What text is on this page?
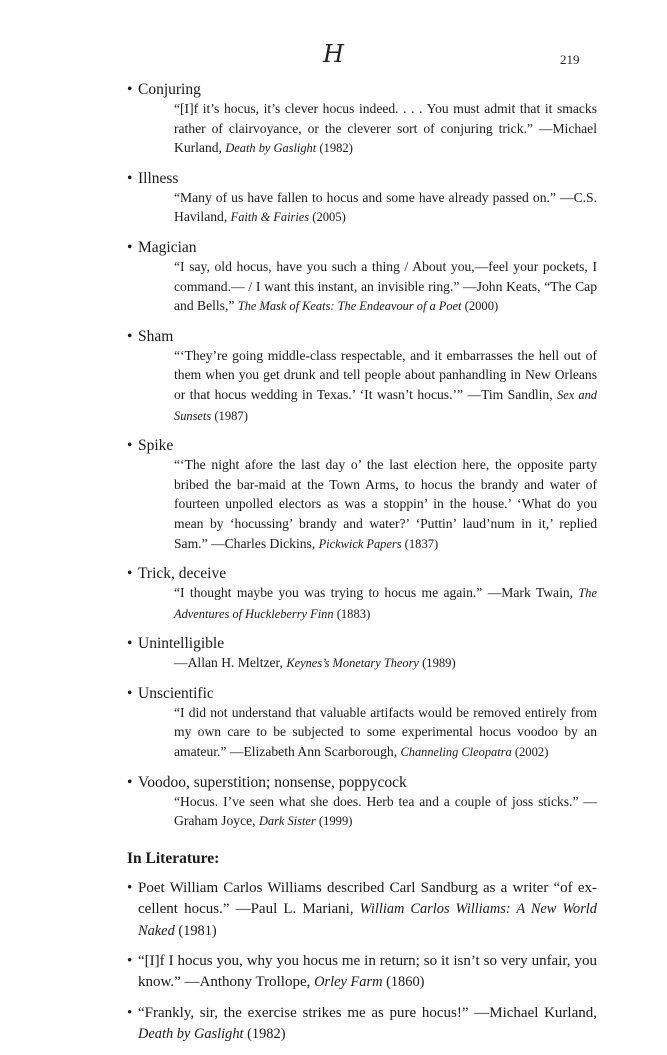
H	219
• Conjuring
“[I]f it’s hocus, it’s clever hocus indeed. . . . You must admit that it smacks rather of clairvoyance, or the cleverer sort of conjuring trick.” —Michael Kurland, Death by Gaslight (1982)
• Illness
“Many of us have fallen to hocus and some have already passed on.” —C.S. Haviland, Faith & Fairies (2005)
• Magician
“I say, old hocus, have you such a thing / About you,—feel your pockets, I command.— / I want this instant, an invisible ring.” —John Keats, “The Cap and Bells,” The Mask of Keats: The Endeavour of a Poet (2000)
• Sham
“‘They’re going middle-class respectable, and it embarrasses the hell out of them when you get drunk and tell people about panhandling in New Orleans or that hocus wedding in Texas.’ ‘It wasn’t hocus.’” —Tim Sandlin, Sex and Sunsets (1987)
• Spike
“‘The night afore the last day o’ the last election here, the opposite party bribed the bar-maid at the Town Arms, to hocus the brandy and water of fourteen unpolled electors as was a stoppin’ in the house.’ ‘What do you mean by ‘hocussing’ brandy and water?’ ‘Puttin’ laud’num in it,’ replied Sam.” —Charles Dickins, Pickwick Papers (1837)
• Trick, deceive
“I thought maybe you was trying to hocus me again.” —Mark Twain, The Adventures of Huckleberry Finn (1883)
• Unintelligible
—Allan H. Meltzer, Keynes’s Monetary Theory (1989)
• Unscientific
“I did not understand that valuable artifacts would be removed entirely from my own care to be subjected to some experimental hocus voodoo by an amateur.” —Elizabeth Ann Scarborough, Channeling Cleopatra (2002)
• Voodoo, superstition; nonsense, poppycock
“Hocus. I’ve seen what she does. Herb tea and a couple of joss sticks.” —Graham Joyce, Dark Sister (1999)
In Literature:
• Poet William Carlos Williams described Carl Sandburg as a writer “of excellent hocus.” —Paul L. Mariani, William Carlos Williams: A New World Naked (1981)
• “[I]f I hocus you, why you hocus me in return; so it isn’t so very unfair, you know.” —Anthony Trollope, Orley Farm (1860)
• “Frankly, sir, the exercise strikes me as pure hocus!” —Michael Kurland, Death by Gaslight (1982)
